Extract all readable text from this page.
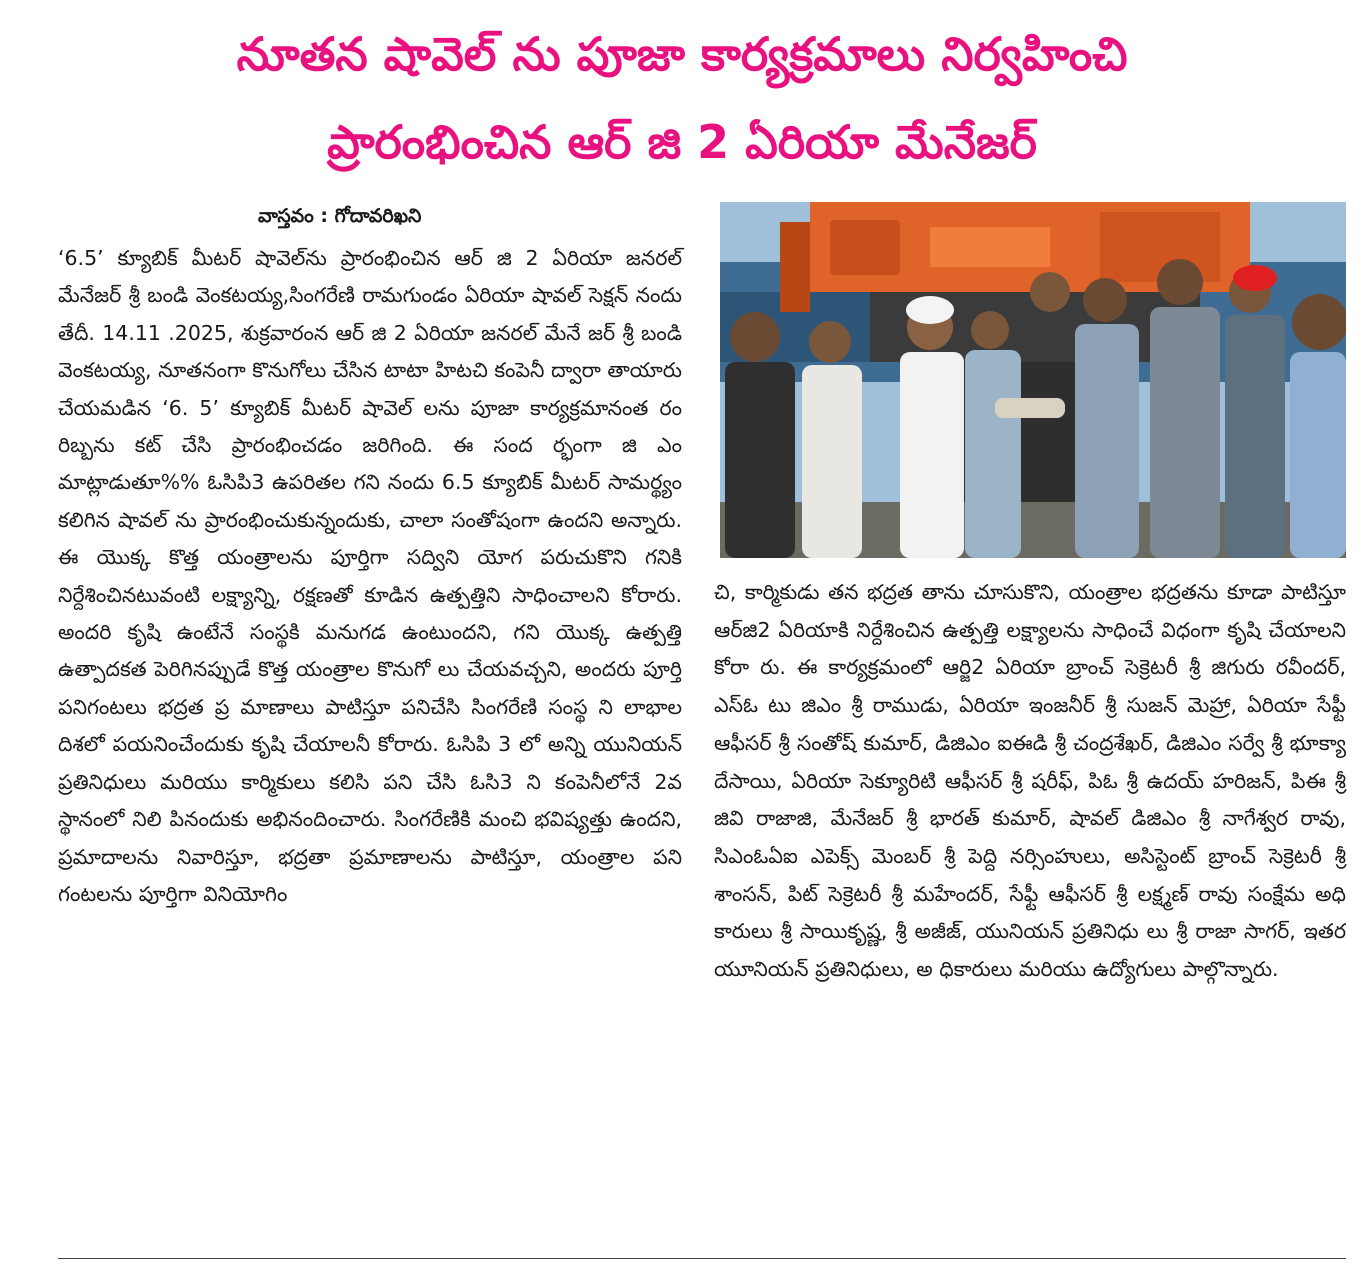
నూతన షావెల్ ను పూజా కార్యక్రమాలు నిర్వహించి
ప్రారంభించిన ఆర్ జి 2 ఏరియా మేనేజర్
వాస్తవం : గోదావరిఖని

‘6.5’ క్యూబిక్ మీటర్ షావెల్‌ను ప్రారంభించిన ఆర్ జి 2 ఏరియా జనరల్ మేనేజర్ శ్రీ బండి వెంకటయ్య,సింగరేణి రామగుండం ఏరియా షావల్ సెక్షన్ నందు తేదీ. 14.11 .2025, శుక్రవారంన ఆర్ జి 2 ఏరియా జనరల్ మేనే జర్ శ్రీ బండి వెంకటయ్య, నూతనంగా కొనుగోలు చేసిన టాటా హిటచి కంపెనీ ద్వారా తాయారు చేయమడిన ‘6. 5’ క్యూబిక్ మీటర్ షావెల్ లను పూజా కార్యక్రమానంత రం రిబ్బను కట్ చేసి ప్రారంభించడం జరిగింది. ఈ సంద ర్భంగా జి ఎం మాట్లాడుతూ%% ఓసిపి3 ఉపరితల గని నందు 6.5 క్యూబిక్ మీటర్ సామర్థ్యం కలిగిన షావల్ ను ప్రారంభించుకున్నందుకు, చాలా సంతోషంగా ఉందని అన్నారు. ఈ యొక్క కొత్త యంత్రాలను పూర్తిగా సద్విని యోగ పరుచుకొని గనికి నిర్దేశించినటువంటి లక్ష్యాన్ని, రక్షణతో కూడిన ఉత్పత్తిని సాధించాలని కోరారు. అందరి కృషి ఉంటేనే సంస్థకి మనుగడ ఉంటుందని, గని యొక్క ఉత్పత్తి ఉత్పాదకత పెరిగినప్పుడే కొత్త యంత్రాల కొనుగో లు చేయవచ్చని, అందరు పూర్తి పనిగంటలు భద్రత ప్ర మాణాలు పాటిస్తూ పనిచేసి సింగరేణి సంస్థ ని లాభాల దిశలో పయనించేందుకు కృషి చేయాలనీ కోరారు. ఓసిపి 3 లో అన్ని యునియన్ ప్రతినిధులు మరియు కార్మికులు కలిసి పని చేసి ఓసి3 ని కంపెనీలోనే 2వ స్థానంలో నిలి పినందుకు అభినందించారు. సింగరేణికి మంచి భవిష్యత్తు ఉందని, ప్రమాదాలను నివారిస్తూ, భద్రతా ప్రమాణాలను పాటిస్తూ, యంత్రాల పని గంటలను పూర్తిగా వినియోగిం

చి, కార్మికుడు తన భద్రత తాను చూసుకొని, యంత్రాల భద్రతను కూడా పాటిస్తూ ఆర్‌జి2 ఏరియాకి నిర్దేశించిన ఉత్పత్తి లక్ష్యాలను సాధించే విధంగా కృషి చేయాలని కోరా రు. ఈ కార్యక్రమంలో ఆర్జి2 ఏరియా బ్రాంచ్ సెక్రెటరీ శ్రీ జిగురు రవీందర్, ఎస్ఓ టు జిఎం శ్రీ రాముడు, ఏరియా ఇంజనీర్ శ్రీ సుజన్ మెహ్రా, ఏరియా సేఫ్టీ ఆఫీసర్ శ్రీ సంతోష్ కుమార్, డిజిఎం ఐఈడి శ్రీ చంద్రశేఖర్, డిజిఎం సర్వే శ్రీ భూక్యా దేసాయి, ఏరియా సెక్యూరిటి ఆఫీసర్ శ్రీ షరీఫ్, పిఓ శ్రీ ఉదయ్ హరిజన్, పిఈ శ్రీ జివి రాజాజి, మేనేజర్ శ్రీ భారత్ కుమార్, షావల్ డిజిఎం శ్రీ నాగేశ్వర రావు, సిఎంఓఏఐ ఎపెక్స్ మెంబర్ శ్రీ పెద్ది నర్సింహులు, అసిస్టెంట్ బ్రాంచ్ సెక్రెటరీ శ్రీ శాంసన్, పిట్ సెక్రెటరీ శ్రీ మహేందర్, సేఫ్టీ ఆఫీసర్ శ్రీ లక్ష్మణ్ రావు సంక్షేమ అధి కారులు శ్రీ సాయికృష్ణ, శ్రీ అజీజ్, యునియన్ ప్రతినిధు లు శ్రీ రాజా సాగర్, ఇతర యూనియన్ ప్రతినిధులు, అ ధికారులు మరియు ఉద్యోగులు పాల్గొన్నారు.
